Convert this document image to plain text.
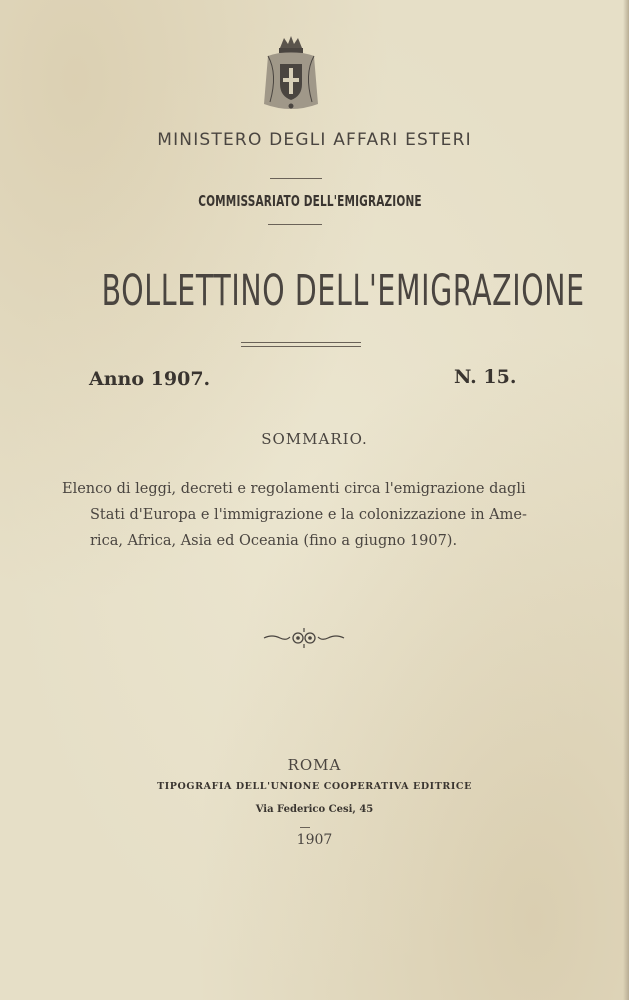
MINISTERO DEGLI AFFARI ESTERI
COMMISSARIATO DELL'EMIGRAZIONE
BOLLETTINO DELL'EMIGRAZIONE
Anno 1907.	N. 15.
SOMMARIO.
Elenco di leggi, decreti e regolamenti circa l'emigrazione dagli
Stati d'Europa e l'immigrazione e la colonizzazione in Ame-
rica, Africa, Asia ed Oceania (fino a giugno 1907).
ROMA
TIPOGRAFIA DELL'UNIONE COOPERATIVA EDITRICE
Via Federico Cesi, 45
1907
